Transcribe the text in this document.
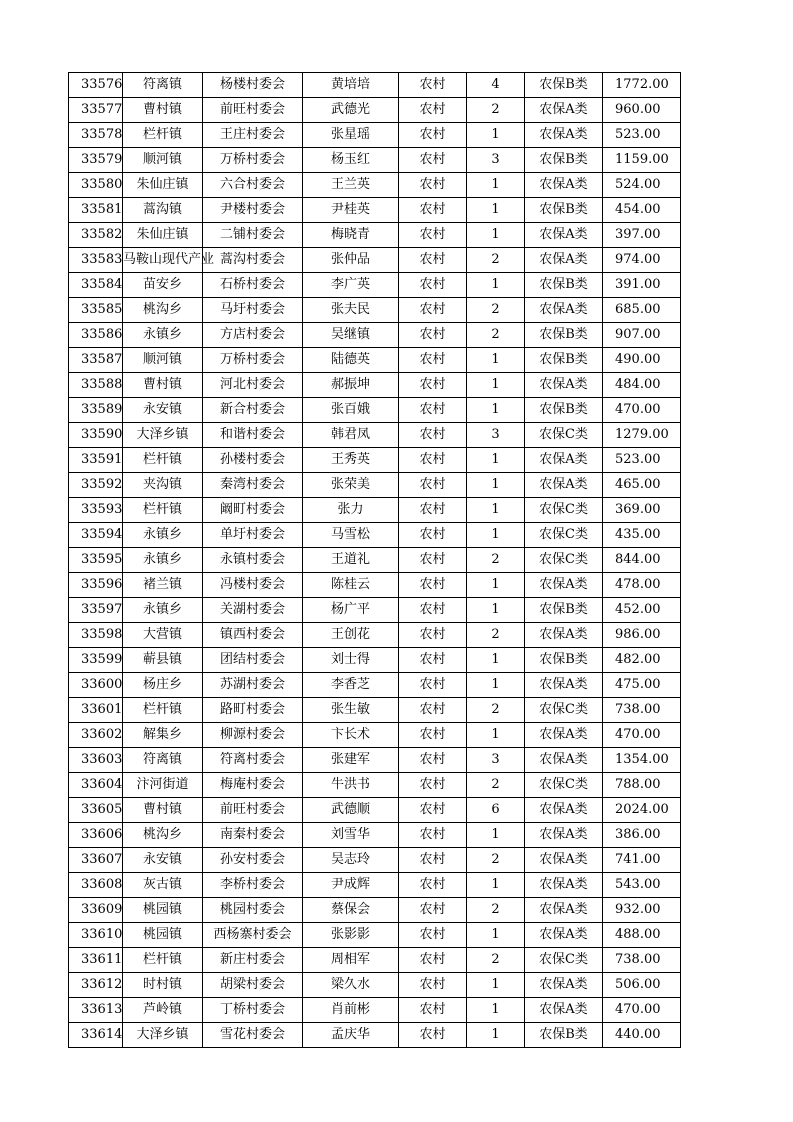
33576	符离镇	杨楼村委会	黄培培	农村	4	农保B类	1772.00
33577	曹村镇	前旺村委会	武德光	农村	2	农保A类	960.00
33578	栏杆镇	王庄村委会	张星瑶	农村	1	农保A类	523.00
33579	顺河镇	万桥村委会	杨玉红	农村	3	农保B类	1159.00
33580	朱仙庄镇	六合村委会	王兰英	农村	1	农保A类	524.00
33581	蒿沟镇	尹楼村委会	尹桂英	农村	1	农保B类	454.00
33582	朱仙庄镇	二铺村委会	梅晓青	农村	1	农保A类	397.00
33583	马鞍山现代产业	蒿沟村委会	张仲品	农村	2	农保A类	974.00
33584	苗安乡	石桥村委会	李广英	农村	1	农保B类	391.00
33585	桃沟乡	马圩村委会	张夫民	农村	2	农保A类	685.00
33586	永镇乡	方店村委会	吴继镇	农村	2	农保B类	907.00
33587	顺河镇	万桥村委会	陆德英	农村	1	农保B类	490.00
33588	曹村镇	河北村委会	郝振坤	农村	1	农保A类	484.00
33589	永安镇	新合村委会	张百娥	农村	1	农保B类	470.00
33590	大泽乡镇	和谐村委会	韩君凤	农村	3	农保C类	1279.00
33591	栏杆镇	孙楼村委会	王秀英	农村	1	农保A类	523.00
33592	夹沟镇	秦湾村委会	张荣美	农村	1	农保A类	465.00
33593	栏杆镇	阚町村委会	张力	农村	1	农保C类	369.00
33594	永镇乡	单圩村委会	马雪松	农村	1	农保C类	435.00
33595	永镇乡	永镇村委会	王道礼	农村	2	农保C类	844.00
33596	褚兰镇	冯楼村委会	陈桂云	农村	1	农保A类	478.00
33597	永镇乡	关湖村委会	杨广平	农村	1	农保B类	452.00
33598	大营镇	镇西村委会	王创花	农村	2	农保A类	986.00
33599	蕲县镇	团结村委会	刘士得	农村	1	农保B类	482.00
33600	杨庄乡	苏湖村委会	李香芝	农村	1	农保A类	475.00
33601	栏杆镇	路町村委会	张生敏	农村	2	农保C类	738.00
33602	解集乡	柳源村委会	卞长术	农村	1	农保A类	470.00
33603	符离镇	符离村委会	张建军	农村	3	农保A类	1354.00
33604	汴河街道	梅庵村委会	牛洪书	农村	2	农保C类	788.00
33605	曹村镇	前旺村委会	武德顺	农村	6	农保A类	2024.00
33606	桃沟乡	南秦村委会	刘雪华	农村	1	农保A类	386.00
33607	永安镇	孙安村委会	吴志玲	农村	2	农保A类	741.00
33608	灰古镇	李桥村委会	尹成辉	农村	1	农保A类	543.00
33609	桃园镇	桃园村委会	蔡保会	农村	2	农保A类	932.00
33610	桃园镇	西杨寨村委会	张影影	农村	1	农保A类	488.00
33611	栏杆镇	新庄村委会	周相军	农村	2	农保C类	738.00
33612	时村镇	胡梁村委会	梁久水	农村	1	农保A类	506.00
33613	芦岭镇	丁桥村委会	肖前彬	农村	1	农保A类	470.00
33614	大泽乡镇	雪花村委会	孟庆华	农村	1	农保B类	440.00
